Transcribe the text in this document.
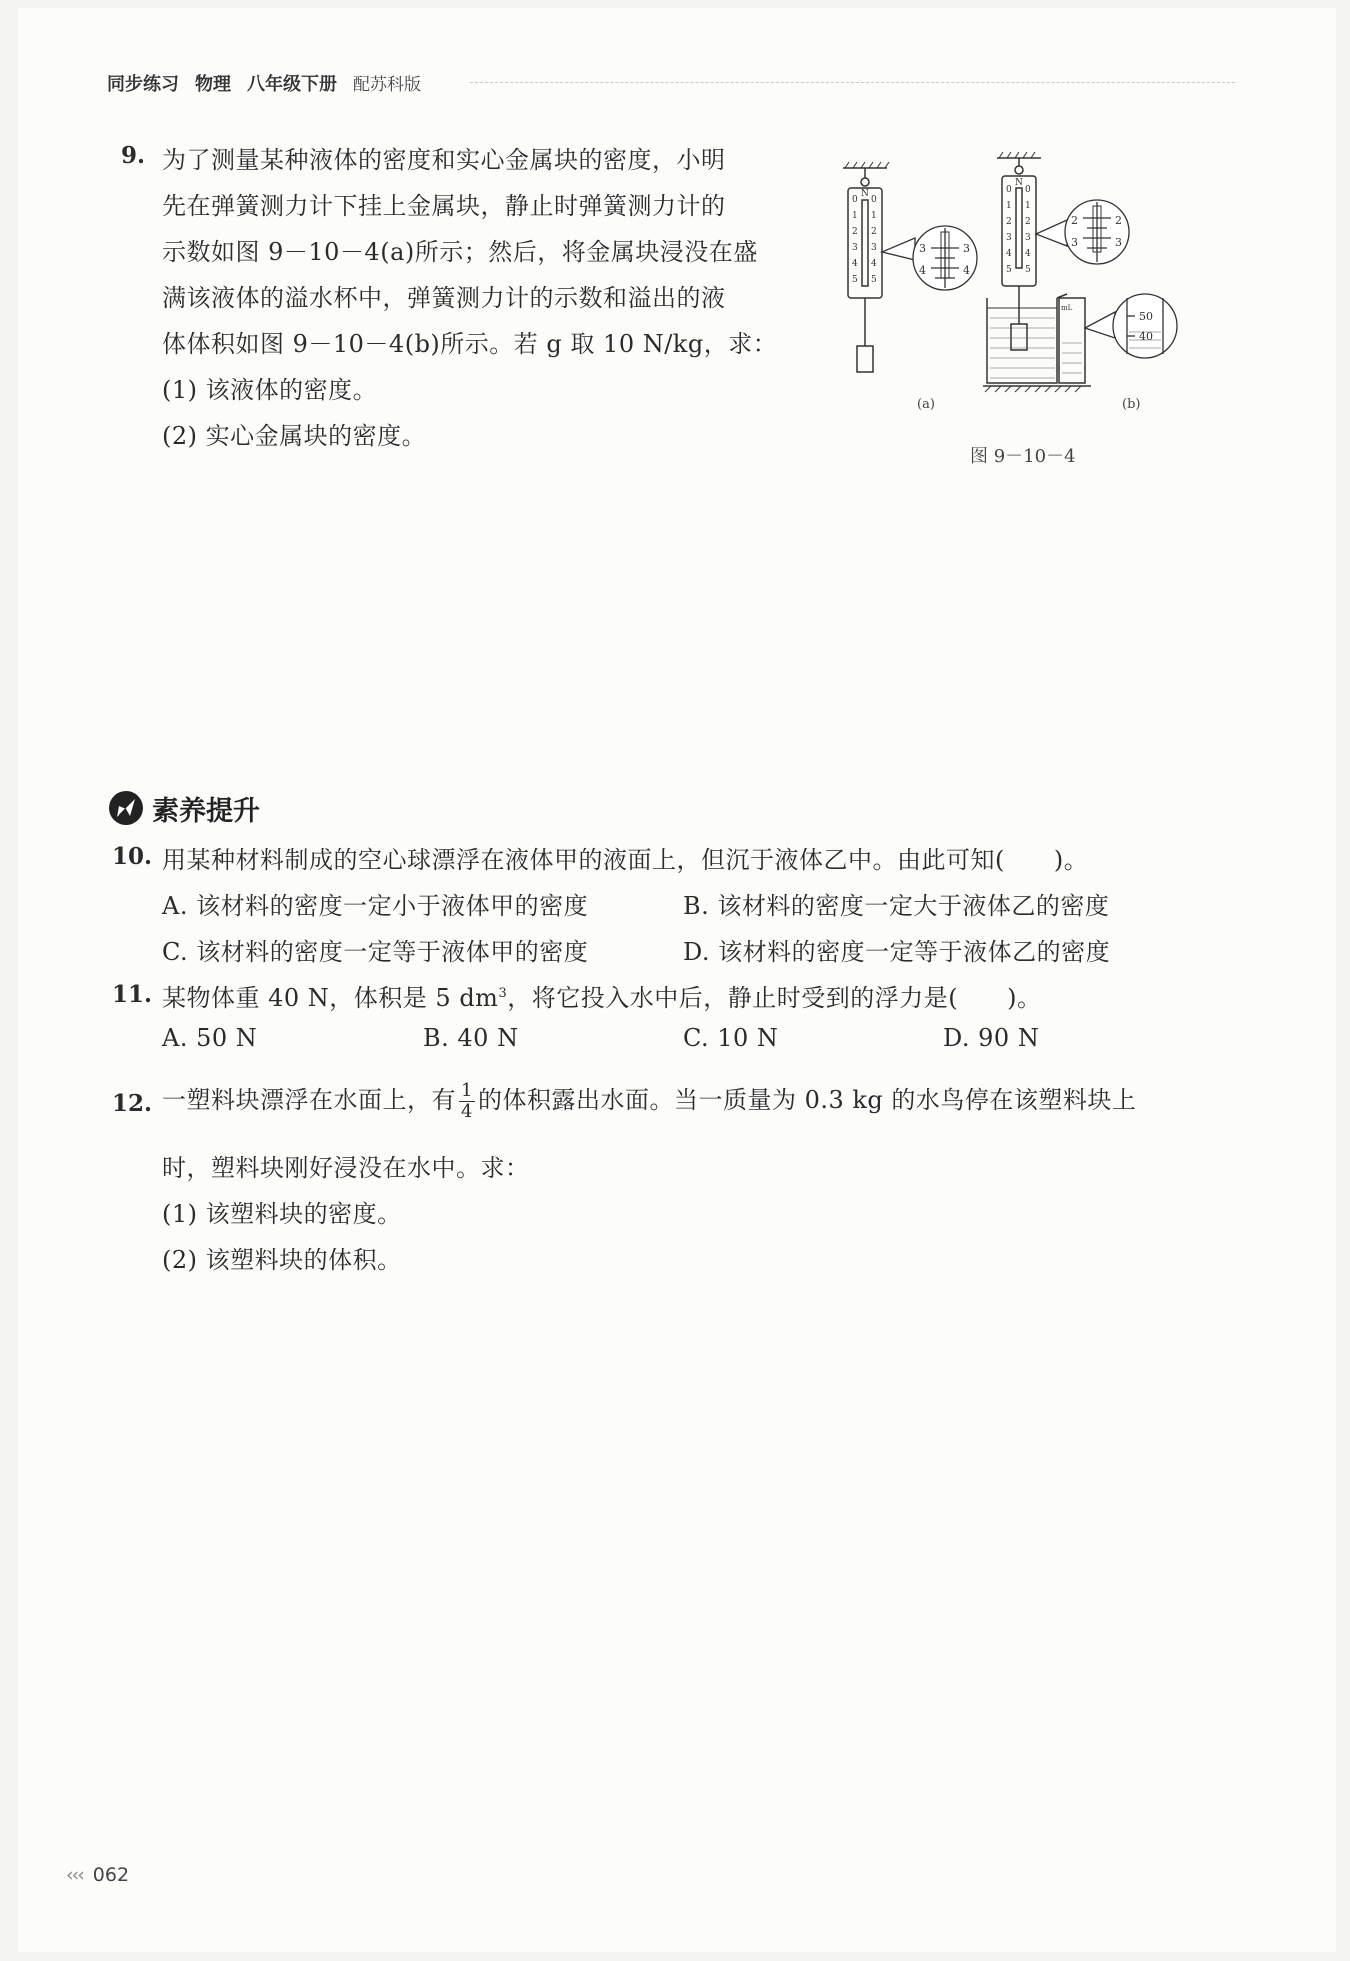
同步练习 物理 八年级下册 配苏科版
9. 为了测量某种液体的密度和实心金属块的密度，小明
先在弹簧测力计下挂上金属块，静止时弹簧测力计的
示数如图 9－10－4(a)所示；然后，将金属块浸没在盛
满该液体的溢水杯中，弹簧测力计的示数和溢出的液
体体积如图 9－10－4(b)所示。若 g 取 10 N/kg，求：
(1) 该液体的密度。
(2) 实心金属块的密度。
0
1
2
3
4
5
0
1
2
3
4
5
N
3
4
3
4
0
1
2
3
4
5
0
1
2
3
4
5
N
mL
2
3
2
3
50
40
(a)	(b)
图 9－10－4
素养提升
10. 用某种材料制成的空心球漂浮在液体甲的液面上，但沉于液体乙中。由此可知(　　)。
A. 该材料的密度一定小于液体甲的密度	B. 该材料的密度一定大于液体乙的密度
C. 该材料的密度一定等于液体甲的密度	D. 该材料的密度一定等于液体乙的密度
11. 某物体重 40 N，体积是 5 $dm^3$，将它投入水中后，静止时受到的浮力是(　　)。
A. 50 N	B. 40 N	C. 10 N	D. 90 N
12. 一塑料块漂浮在水面上，有 $\frac{1}{4}$ 的体积露出水面。当一质量为 0.3 kg 的水鸟停在该塑料块上
时，塑料块刚好浸没在水中。求：
(1) 该塑料块的密度。
(2) 该塑料块的体积。
‹‹‹ 062
